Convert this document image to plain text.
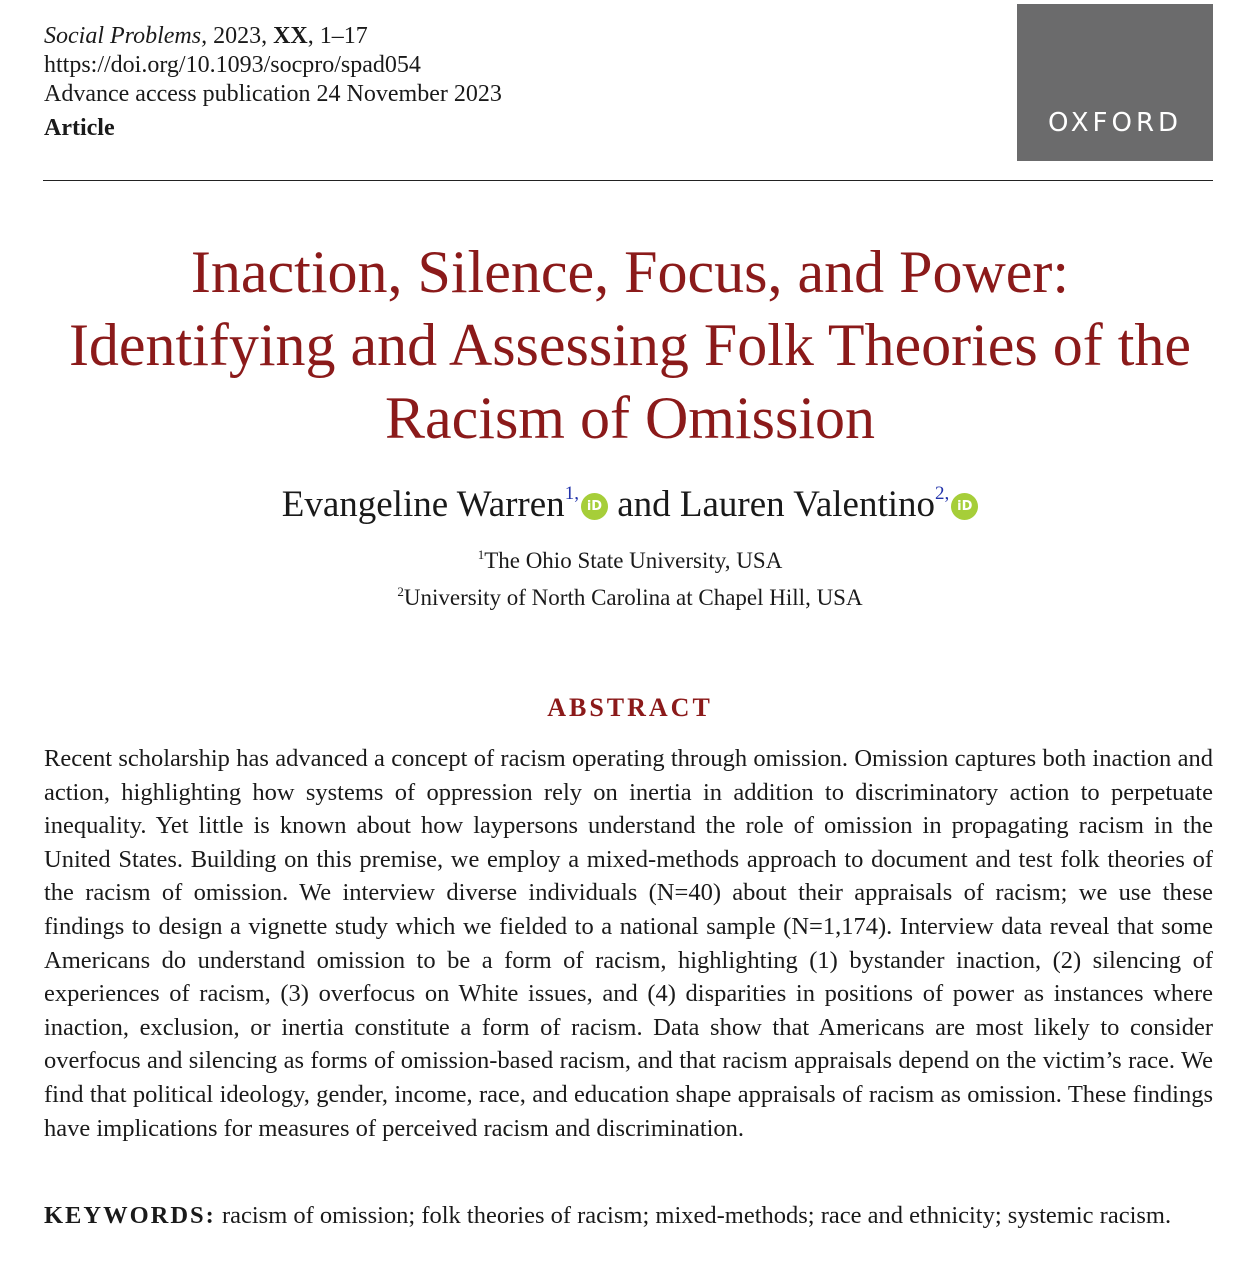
Social Problems, 2023, XX, 1–17
https://doi.org/10.1093/socpro/spad054
Advance access publication 24 November 2023
Article	OXFORD
Inaction, Silence, Focus, and Power:
Identifying and Assessing Folk Theories of the
Racism of Omission
Evangeline Warren$^{1,}$iD and Lauren Valentino$^{2,}$iD
$^1$The Ohio State University, USA
$^2$University of North Carolina at Chapel Hill, USA
ABSTRACT
Recent scholarship has advanced a concept of racism operating through omission. Omission captures both inaction and action, highlighting how systems of oppression rely on inertia in addition to discriminatory action to perpetuate inequality. Yet little is known about how laypersons understand the role of omission in propagating racism in the United States. Building on this premise, we employ a mixed-methods approach to document and test folk theories of the racism of omission. We interview diverse individuals (N=40) about their appraisals of racism; we use these findings to design a vignette study which we fielded to a national sample (N=1,174). Interview data reveal that some Americans do understand omission to be a form of racism, highlighting (1) bystander inaction, (2) silencing of experiences of racism, (3) overfocus on White issues, and (4) disparities in positions of power as instances where inaction, exclusion, or inertia constitute a form of racism. Data show that Americans are most likely to consider overfocus and silencing as forms of omission-based racism, and that racism appraisals depend on the victim’s race. We find that political ideology, gender, income, race, and education shape appraisals of racism as omission. These findings have implications for measures of perceived racism and discrimination.
KEYWORDS: racism of omission; folk theories of racism; mixed-methods; race and ethnicity; systemic racism.
